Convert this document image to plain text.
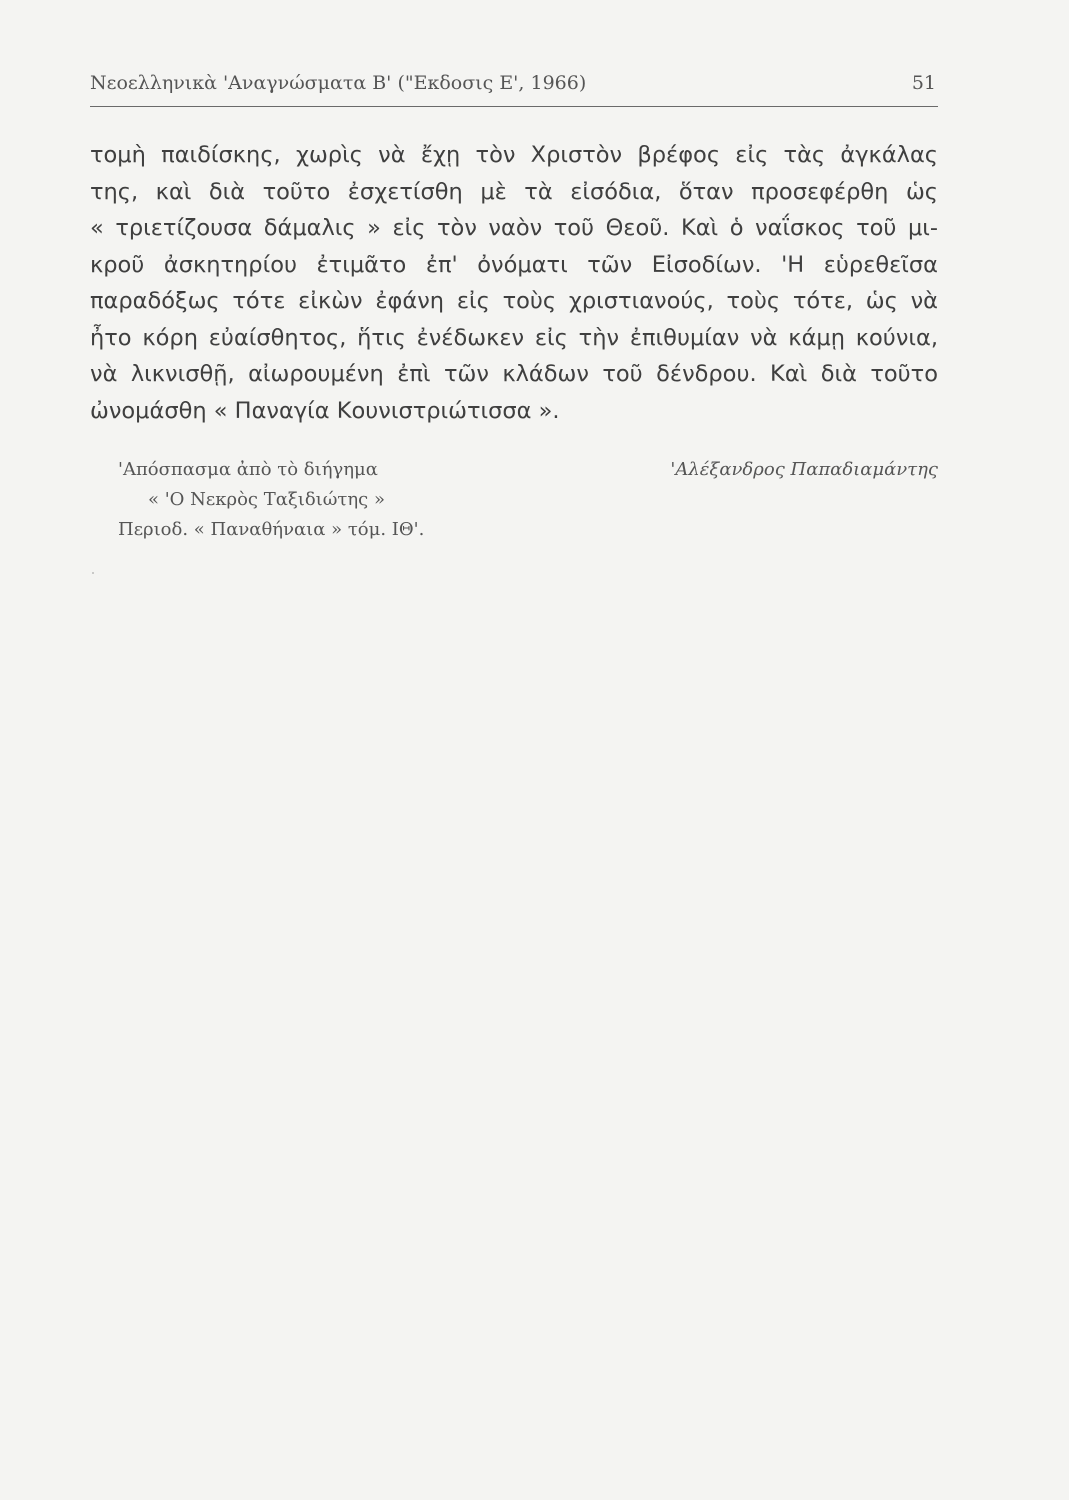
Νεοελληνικὰ 'Αναγνώσματα Β' ("Εκδοσις Ε', 1966)	51

τομὴ παιδίσκης, χωρὶς νὰ ἔχῃ τὸν Χριστὸν βρέφος εἰς τὰς ἀγκάλας
της, καὶ διὰ τοῦτο ἐσχετίσθη μὲ τὰ εἰσόδια, ὅταν προσεφέρθη ὡς
« τριετίζουσα δάμαλις » εἰς τὸν ναὸν τοῦ Θεοῦ. Καὶ ὁ ναΐσκος τοῦ μι-
κροῦ ἀσκητηρίου ἐτιμᾶτο ἐπ' ὀνόματι τῶν Εἰσοδίων. 'Η εὑρεθεῖσα
παραδόξως τότε εἰκὼν ἐφάνη εἰς τοὺς χριστιανούς, τοὺς τότε, ὡς νὰ
ἦτο κόρη εὐαίσθητος, ἥτις ἐνέδωκεν εἰς τὴν ἐπιθυμίαν νὰ κάμῃ κούνια,
νὰ λικνισθῇ, αἰωρουμένη ἐπὶ τῶν κλάδων τοῦ δένδρου. Καὶ διὰ τοῦτο
ὠνομάσθη « Παναγία Κουνιστριώτισσα ».

'Απόσπασμα ἀπὸ τὸ διήγημα
« 'Ο Νεκρὸς Ταξιδιώτης »
Περιοδ. « Παναθήναια » τόμ. ΙΘ'.
'Αλέξανδρος Παπαδιαμάντης
